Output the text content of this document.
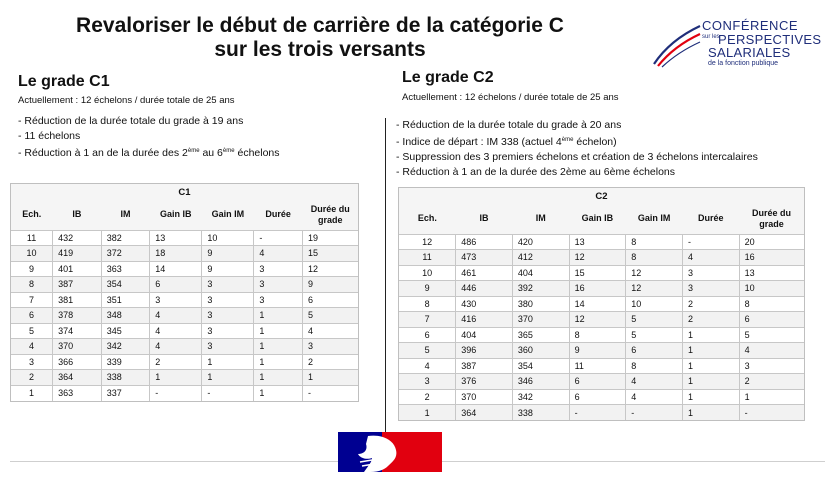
Revaloriser le début de carrière de la catégorie C
sur les trois versants
CONFÉRENCE
sur les
PERSPECTIVES
SALARIALES
de la fonction publique
Le grade C1
Actuellement : 12 échelons / durée totale de 25 ans
- Réduction de la durée totale du grade à 19 ans
- 11 échelons
- Réduction à 1 an de la durée des 2ème au 6ème échelons
C1						
Ech.	IB	IM	Gain IB	Gain IM	Durée	Durée du grade
11	432	382	13	10	-	19
10	419	372	18	9	4	15
9	401	363	14	9	3	12
8	387	354	6	3	3	9
7	381	351	3	3	3	6
6	378	348	4	3	1	5
5	374	345	4	3	1	4
4	370	342	4	3	1	3
3	366	339	2	1	1	2
2	364	338	1	1	1	1
1	363	337	-	-	1	-
Le grade C2
Actuellement : 12 échelons / durée totale de 25 ans
- Réduction de la durée totale du grade à 20 ans
- Indice de départ : IM 338 (actuel 4ème échelon)
- Suppression des 3 premiers échelons et création de 3 échelons intercalaires
- Réduction à 1 an de la durée des 2ème au 6ème échelons
C2						
Ech.	IB	IM	Gain IB	Gain IM	Durée	Durée du grade
12	486	420	13	8	-	20
11	473	412	12	8	4	16
10	461	404	15	12	3	13
9	446	392	16	12	3	10
8	430	380	14	10	2	8
7	416	370	12	5	2	6
6	404	365	8	5	1	5
5	396	360	9	6	1	4
4	387	354	11	8	1	3
3	376	346	6	4	1	2
2	370	342	6	4	1	1
1	364	338	-	-	1	-
